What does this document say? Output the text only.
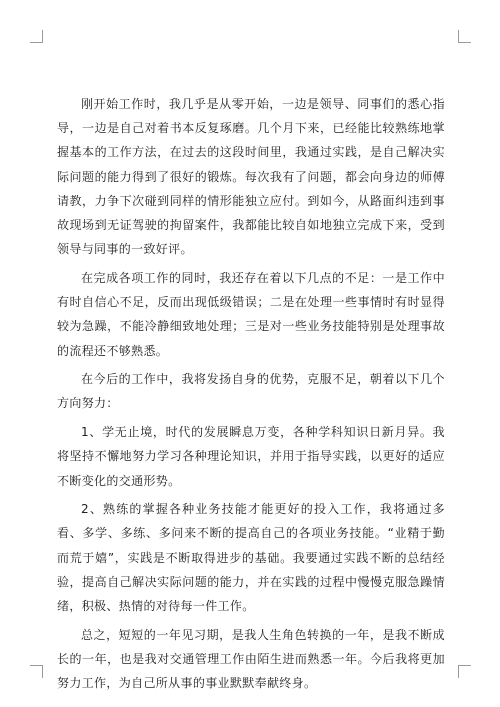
刚开始工作时，我几乎是从零开始，一边是领导、同事们的悉心指导，一边是自己对着书本反复琢磨。几个月下来，已经能比较熟练地掌握基本的工作方法，在过去的这段时间里，我通过实践，是自己解决实际问题的能力得到了很好的锻炼。每次我有了问题，都会向身边的师傅请教，力争下次碰到同样的情形能独立应付。到如今，从路面纠违到事故现场到无证驾驶的拘留案件，我都能比较自如地独立完成下来，受到领导与同事的一致好评。

在完成各项工作的同时，我还存在着以下几点的不足：一是工作中有时自信心不足，反而出现低级错误；二是在处理一些事情时有时显得较为急躁，不能冷静细致地处理；三是对一些业务技能特别是处理事故的流程还不够熟悉。

在今后的工作中，我将发扬自身的优势，克服不足，朝着以下几个方向努力：

1、学无止境，时代的发展瞬息万变，各种学科知识日新月异。我将坚持不懈地努力学习各种理论知识，并用于指导实践，以更好的适应不断变化的交通形势。

2、熟练的掌握各种业务技能才能更好的投入工作，我将通过多看、多学、多练、多问来不断的提高自己的各项业务技能。“业精于勤而荒于嬉”，实践是不断取得进步的基础。我要通过实践不断的总结经验，提高自己解决实际问题的能力，并在实践的过程中慢慢克服急躁情绪，积极、热情的对待每一件工作。

总之，短短的一年见习期，是我人生角色转换的一年，是我不断成长的一年，也是我对交通管理工作由陌生进而熟悉一年。今后我将更加努力工作，为自己所从事的事业默默奉献终身。
